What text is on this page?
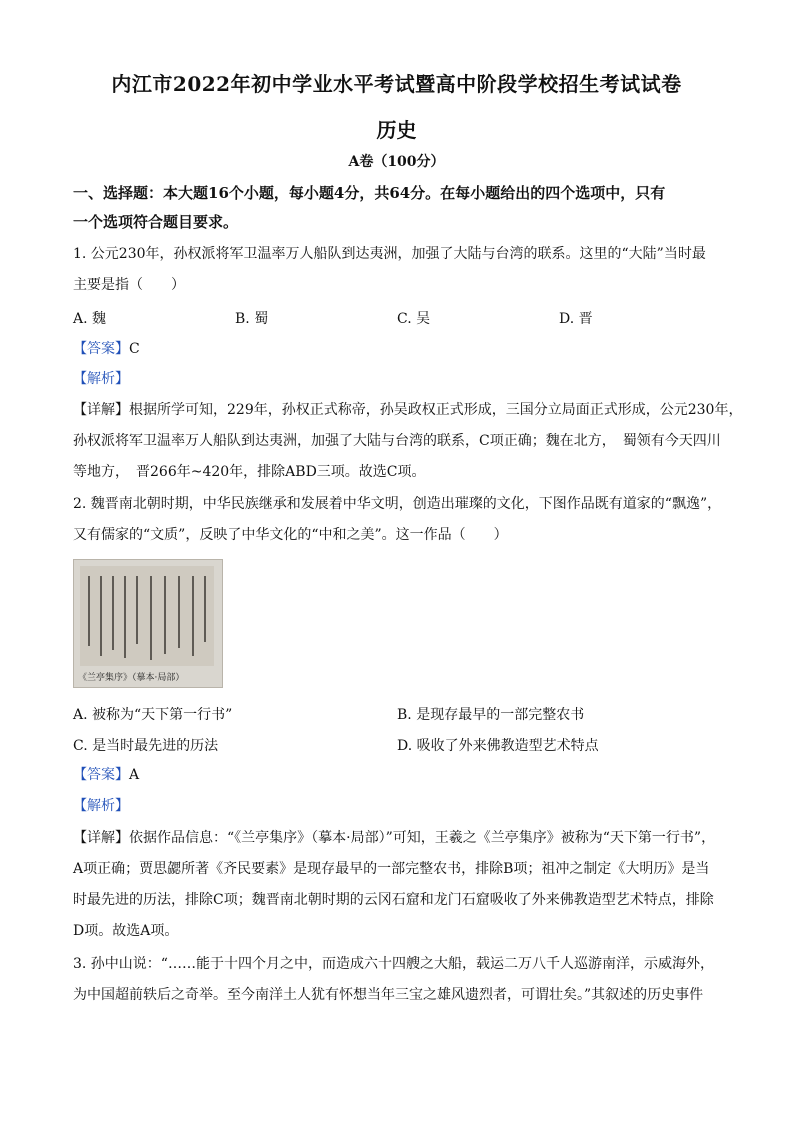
内江市2022年初中学业水平考试暨高中阶段学校招生考试试卷
历史
A卷（100分）
一、选择题：本大题16个小题，每小题4分，共64分。在每小题给出的四个选项中，只有
一个选项符合题目要求。
1. 公元230年，孙权派将军卫温率万人船队到达夷洲，加强了大陆与台湾的联系。这里的“大陆”当时最
主要是指（　　）
A. 魏	B. 蜀	C. 吴	D. 晋
【答案】C
【解析】
【详解】根据所学可知，229年，孙权正式称帝，孙吴政权正式形成，三国分立局面正式形成，公元230年，
孙权派将军卫温率万人船队到达夷洲，加强了大陆与台湾的联系，C项正确；魏在北方，　蜀领有今天四川
等地方，　晋266年~420年，排除ABD三项。故选C项。
2. 魏晋南北朝时期，中华民族继承和发展着中华文明，创造出璀璨的文化，下图作品既有道家的“飘逸”，
又有儒家的“文质”，反映了中华文化的“中和之美”。这一作品（　　）
《兰亭集序》（摹本·局部）
A. 被称为“天下第一行书”	B. 是现存最早的一部完整农书
C. 是当时最先进的历法	D. 吸收了外来佛教造型艺术特点
【答案】A
【解析】
【详解】依据作品信息：“《兰亭集序》（摹本·局部）”可知，王羲之《兰亭集序》被称为“天下第一行书”，
A项正确；贾思勰所著《齐民要素》是现存最早的一部完整农书，排除B项；祖冲之制定《大明历》是当
时最先进的历法，排除C项；魏晋南北朝时期的云冈石窟和龙门石窟吸收了外来佛教造型艺术特点，排除
D项。故选A项。
3. 孙中山说：“……能于十四个月之中，而造成六十四艘之大船，载运二万八千人巡游南洋，示威海外，
为中国超前轶后之奇举。至今南洋土人犹有怀想当年三宝之雄风遗烈者，可谓壮矣。”其叙述的历史事件
